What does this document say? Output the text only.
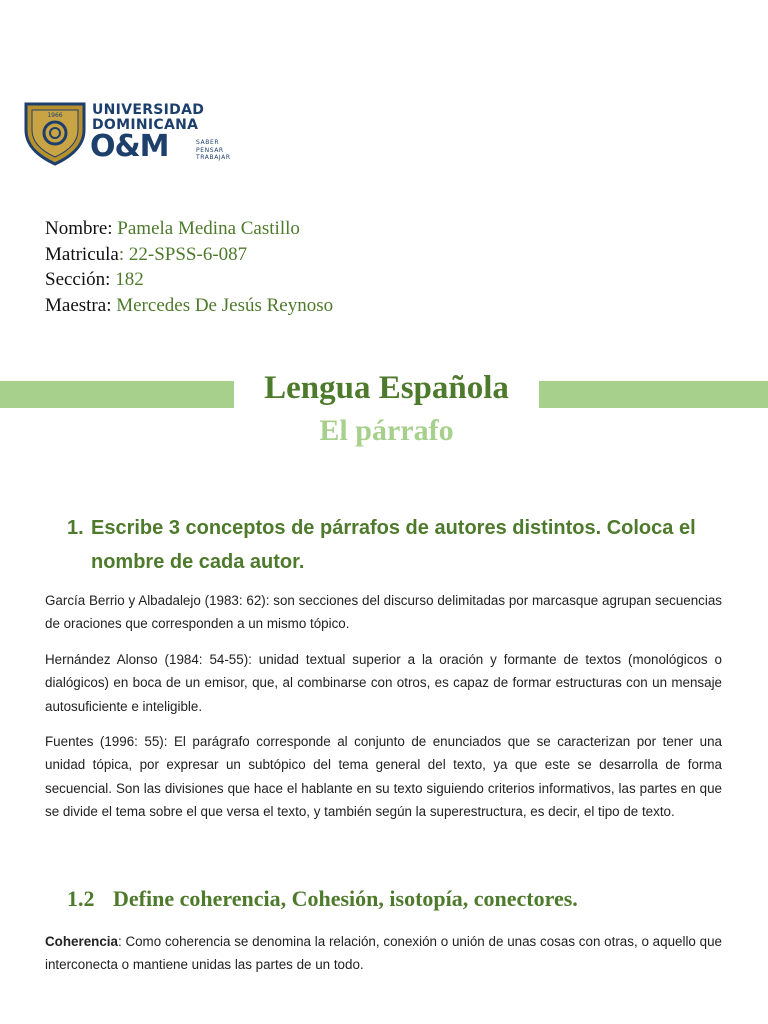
1966 UNIVERSIDAD
DOMINICANA
O&M	SABER
PENSAR
TRABAJAR
Nombre: Pamela Medina Castillo
Matricula: 22-SPSS-6-087
Sección: 182
Maestra: Mercedes De Jesús Reynoso
Lengua Española
El párrafo
1. Escribe 3 conceptos de párrafos de autores distintos. Coloca el nombre de cada autor.
García Berrio y Albadalejo (1983: 62): son secciones del discurso delimitadas por marcasque agrupan secuencias de oraciones que corresponden a un mismo tópico.
Hernández Alonso (1984: 54-55): unidad textual superior a la oración y formante de textos (monológicos o dialógicos) en boca de un emisor, que, al combinarse con otros, es capaz de formar estructuras con un mensaje autosuficiente e inteligible.
Fuentes (1996: 55): El parágrafo corresponde al conjunto de enunciados que se caracterizan por tener una unidad tópica, por expresar un subtópico del tema general del texto, ya que este se desarrolla de forma secuencial. Son las divisiones que hace el hablante en su texto siguiendo criterios informativos, las partes en que se divide el tema sobre el que versa el texto, y también según la superestructura, es decir, el tipo de texto.
1.2 Define coherencia, Cohesión, isotopía, conectores.
Coherencia: Como coherencia se denomina la relación, conexión o unión de unas cosas con otras, o aquello que interconecta o mantiene unidas las partes de un todo.
